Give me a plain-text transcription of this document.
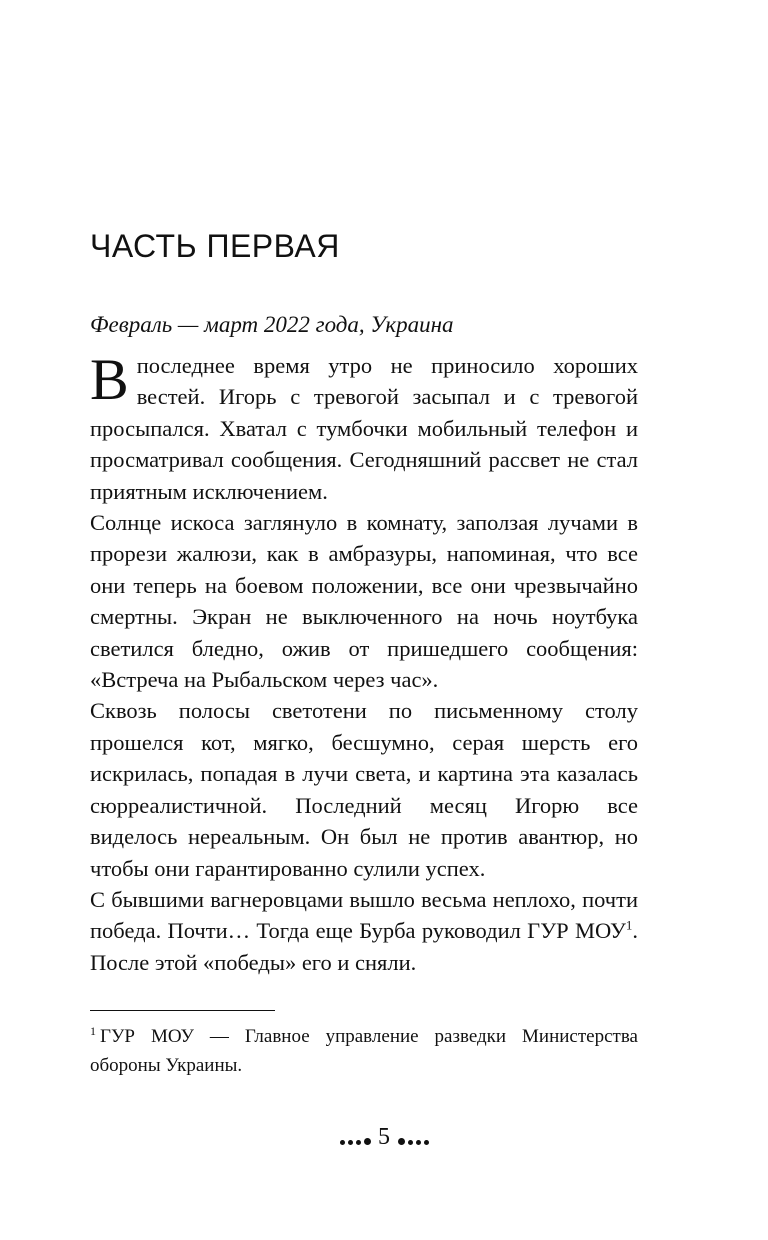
ЧАСТЬ ПЕРВАЯ
Февраль — март 2022 года, Украина

В последнее время утро не приносило хороших вестей. Игорь с тревогой засыпал и с тревогой просыпался. Хватал с тумбочки мобильный телефон и просматривал сообщения. Сегодняшний рассвет не стал приятным исключением.

Солнце искоса заглянуло в комнату, заползая лучами в прорези жалюзи, как в амбразуры, напоминая, что все они теперь на боевом положении, все они чрезвычайно смертны. Экран не выключенного на ночь ноутбука светился бледно, ожив от пришедшего сообщения: «Встреча на Рыбальском через час».

Сквозь полосы светотени по письменному столу прошелся кот, мягко, бесшумно, серая шерсть его искрилась, попадая в лучи света, и картина эта казалась сюрреалистичной. Последний месяц Игорю все виделось нереальным. Он был не против авантюр, но чтобы они гарантированно сулили успех.

С бывшими вагнеровцами вышло весьма неплохо, почти победа. Почти… Тогда еще Бурба руководил ГУР МОУ$^1$. После этой «победы» его и сняли.

$^1$ ГУР МОУ — Главное управление разведки Министерства обороны Украины.

5
